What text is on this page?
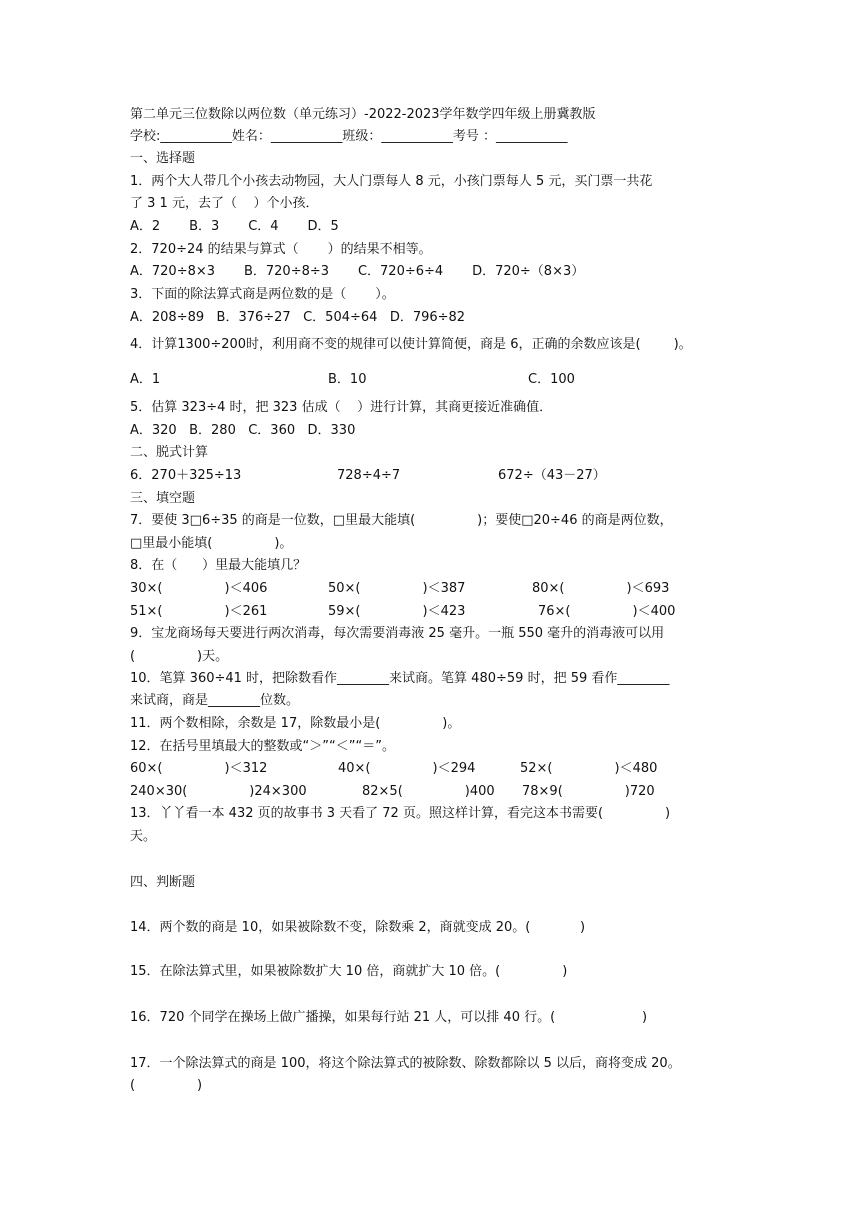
第二单元三位数除以两位数（单元练习）-2022-2023学年数学四年级上册冀教版

学校:___________姓名：___________班级：___________考号 ：___________

一、选择题

1．两个大人带几个小孩去动物园，大人门票每人 8 元，小孩门票每人 5 元，买门票一共花

了 3 1 元，去了（    ）个小孩．

A．2       B．3       C．4       D．5

2．720÷24 的结果与算式（       ）的结果不相等。

A．720÷8×3       B．720÷8÷3       C．720÷6÷4       D．720÷（8×3）

3．下面的除法算式商是两位数的是（       ）。

A．208÷89   B．376÷27   C．504÷64   D．796÷82

4．计算1300÷200时，利用商不变的规律可以使计算简便，商是 6，正确的余数应该是(        )。

A．1

	B．10

	C．100

5．估算 323÷4 时，把 323 估成（    ）进行计算，其商更接近准确值．

A．320   B．280   C．360   D．330

二、脱式计算

6．270＋325÷13

	728÷4÷7

	672÷（43－27）

三、填空题

7．要使 3□6÷35 的商是一位数，□里最大能填(               )；要使□20÷46 的商是两位数，

□里最小能填(               )。

8．在（      ）里最大能填几？

30×(               )＜406

	50×(               )＜387

	80×(               )＜693

51×(               )＜261

	59×(               )＜423

	76×(               )＜400

9．宝龙商场每天要进行两次消毒，每次需要消毒液 25 毫升。一瓶 550 毫升的消毒液可以用

(               )天。

10．笔算 360÷41 时，把除数看作________来试商。笔算 480÷59 时，把 59 看作________

来试商，商是________位数。

11．两个数相除，余数是 17，除数最小是(               )。

12．在括号里填最大的整数或“＞”“＜”“＝”。

60×(               )＜312

	40×(               )＜294

	52×(               )＜480

240×30(               )24×300

	82×5(               )400

78×9(               )720

13．丫丫看一本 432 页的故事书 3 天看了 72 页。照这样计算，看完这本书需要(               )

天。

四、判断题

14．两个数的商是 10，如果被除数不变，除数乘 2，商就变成 20。(            )

15．在除法算式里，如果被除数扩大 10 倍，商就扩大 10 倍。(               )

16．720 个同学在操场上做广播操，如果每行站 21 人，可以排 40 行。(                     )

17．一个除法算式的商是 100，将这个除法算式的被除数、除数都除以 5 以后，商将变成 20。

(               )
